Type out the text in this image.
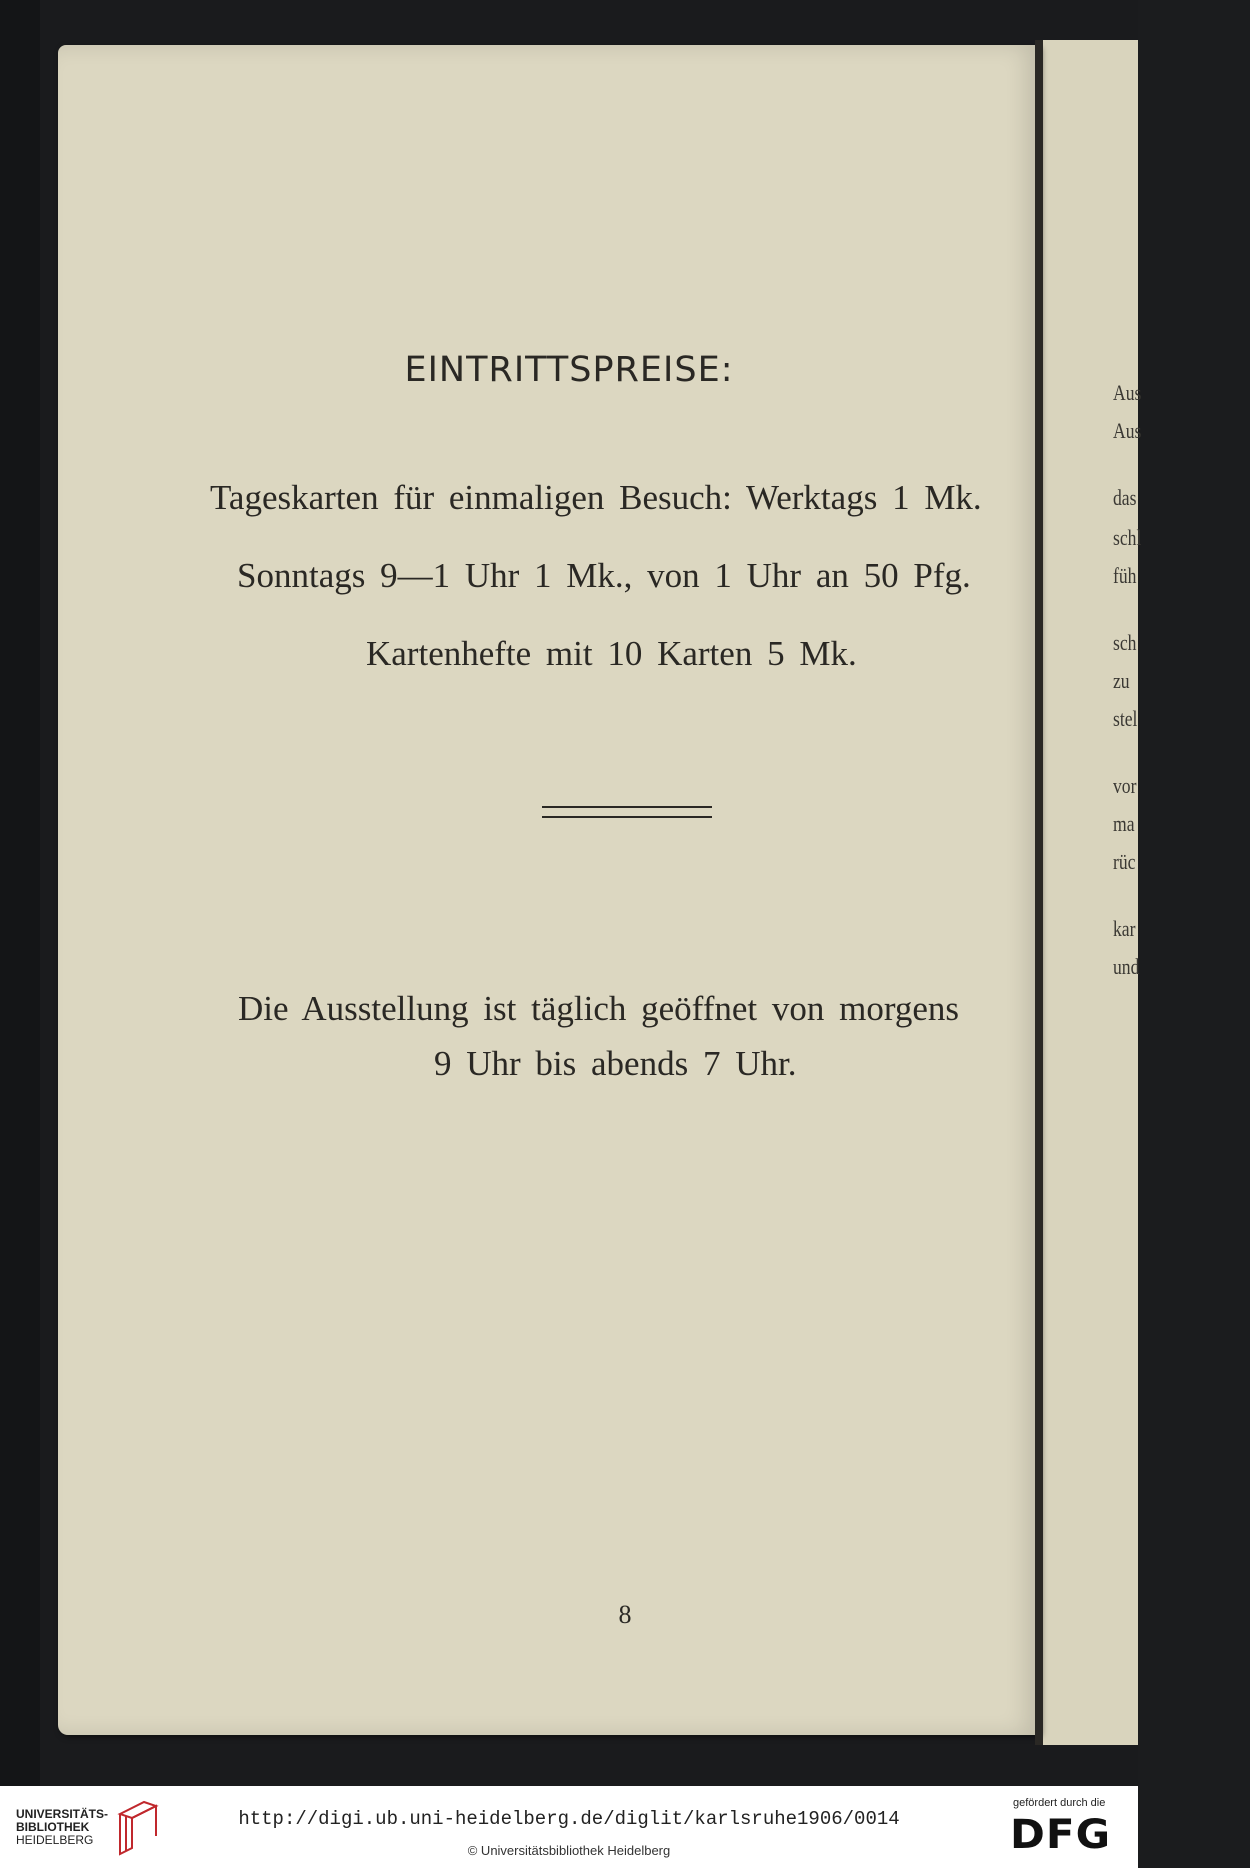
Aus
Aus
das
schl
füh
sch
zu
stel
vor
ma
rüc
kar
und
EINTRITTSPREISE:
Tageskarten für einmaligen Besuch: Werktags 1 Mk.
Sonntags 9—1 Uhr 1 Mk., von 1 Uhr an 50 Pfg.
Kartenhefte mit 10 Karten 5 Mk.
Die Ausstellung ist täglich geöffnet von morgens
9 Uhr bis abends 7 Uhr.
8
UNIVERSITÄTS-
BIBLIOTHEK
HEIDELBERG
http://digi.ub.uni-heidelberg.de/diglit/karlsruhe1906/0014
© Universitätsbibliothek Heidelberg
gefördert durch die
DFG
